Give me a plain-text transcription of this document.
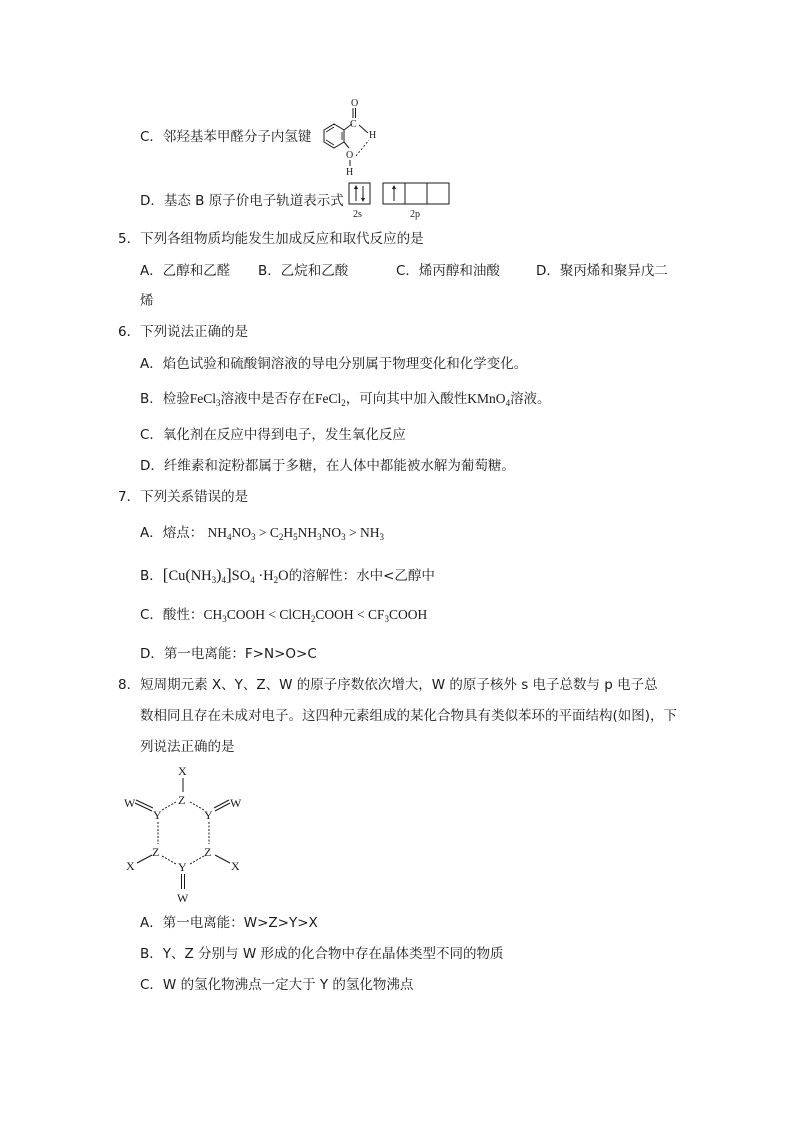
C．邻羟基苯甲醛分子内氢键
C
O
H
O
H
D．基态 B 原子价电子轨道表示式
2s	2p
5．下列各组物质均能发生加成反应和取代反应的是
A．乙醇和乙醛 B．乙烷和乙酸	C．烯丙醇和油酸	D．聚丙烯和聚异戊二
烯
6．下列说法正确的是
A．焰色试验和硫酸铜溶液的导电分别属于物理变化和化学变化。
B．检验FeCl$_3$溶液中是否存在FeCl$_2$，可向其中加入酸性KMnO$_4$溶液。
C．氧化剂在反应中得到电子，发生氧化反应
D．纤维素和淀粉都属于多糖，在人体中都能被水解为葡萄糖。
7．下列关系错误的是
A．熔点： $NH_4NO_3 > C_2H_5NH_3NO_3 > NH_3$
B．$[Cu(NH_3)_4]SO_4 \cdot H_2O$的溶解性：水中<乙醇中
C．酸性：$CH_3COOH$ < ClCH$_2$COOH < $CF_3COOH$
D．第一电离能：F>N>O>C
8．短周期元素 X、Y、Z、W 的原子序数依次增大，W 的原子核外 s 电子总数与 p 电子总
数相同且存在未成对电子。这四种元素组成的某化合物具有类似苯环的平面结构(如图)，下
列说法正确的是
X
Z
Y	Y
Z	Z
Y
W	W
X	X
W
A．第一电离能：W>Z>Y>X
B．Y、Z 分别与 W 形成的化合物中存在晶体类型不同的物质
C．W 的氢化物沸点一定大于 Y 的氢化物沸点
